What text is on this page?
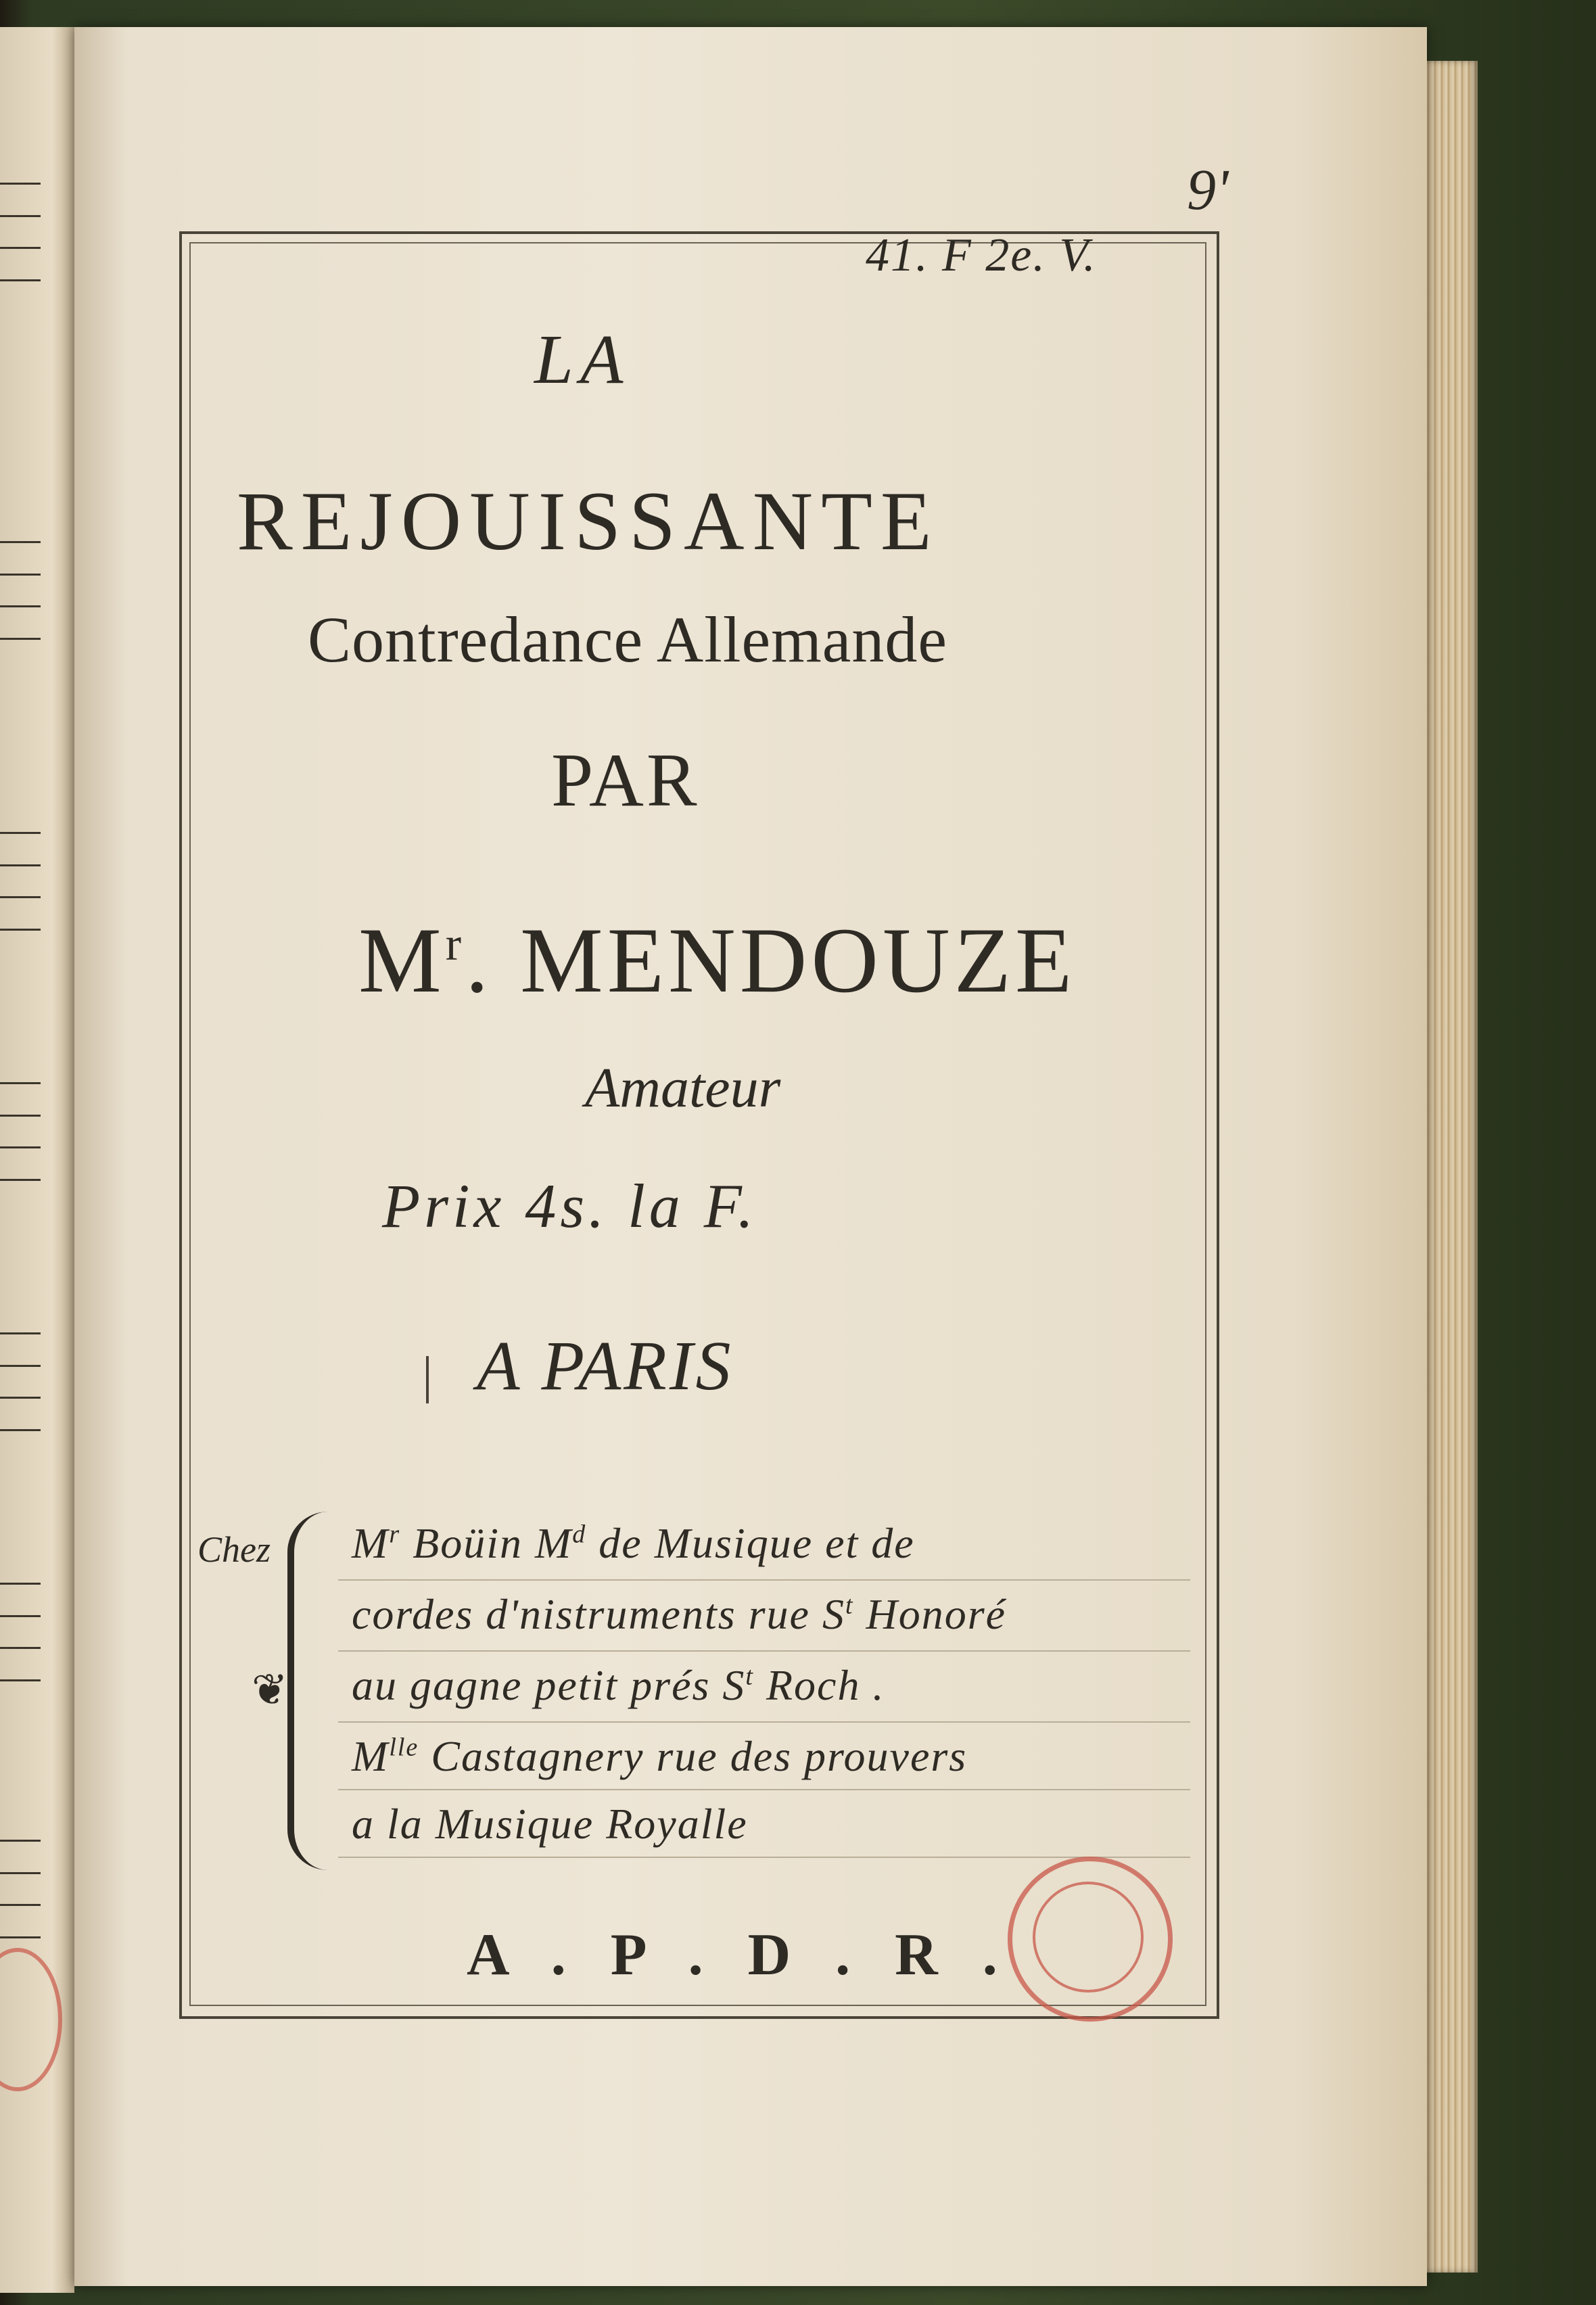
9'
41. F 2e. V.
LA
REJOUISSANTE
Contredance Allemande
PAR
$M^r$. MENDOUZE
Amateur
Prix 4s. la F.
A PARIS
Chez
❦
$M^r$ Boüin $M^d$ de Musique et de
cordes d'nistruments rue $S^t$ Honoré
au gagne petit prés $S^t$ Roch .
$M^{lle}$ Castagnery rue des prouvers
a la Musique Royalle
A . P . D . R .
